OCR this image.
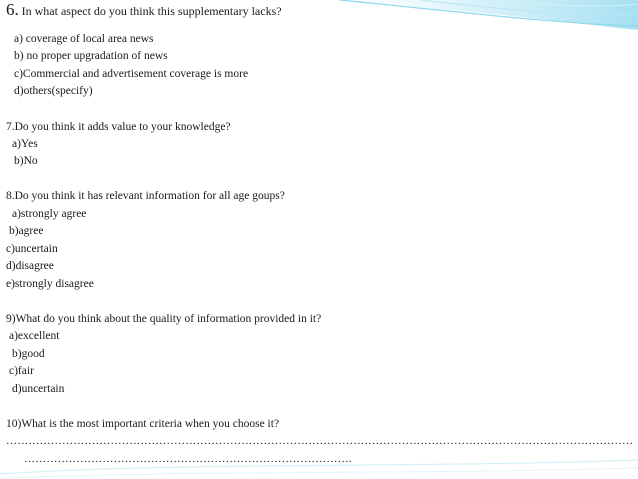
6. In what aspect do you think this supplementary lacks?
a) coverage of local area news
b) no proper upgradation of news
c)Commercial and advertisement coverage is more
d)others(specify)
7.Do you think it adds value to your knowledge?
a)Yes
b)No
8.Do you think it has relevant information for all age goups?
a)strongly agree
b)agree
c)uncertain
d)disagree
e)strongly disagree
9)What do you think about the quality of information provided in it?
a)excellent
b)good
c)fair
d)uncertain
10)What is the most important criteria when you choose it?
……………………………………………………………………………………………………………………………………………………
…………………………………………………………………………….
